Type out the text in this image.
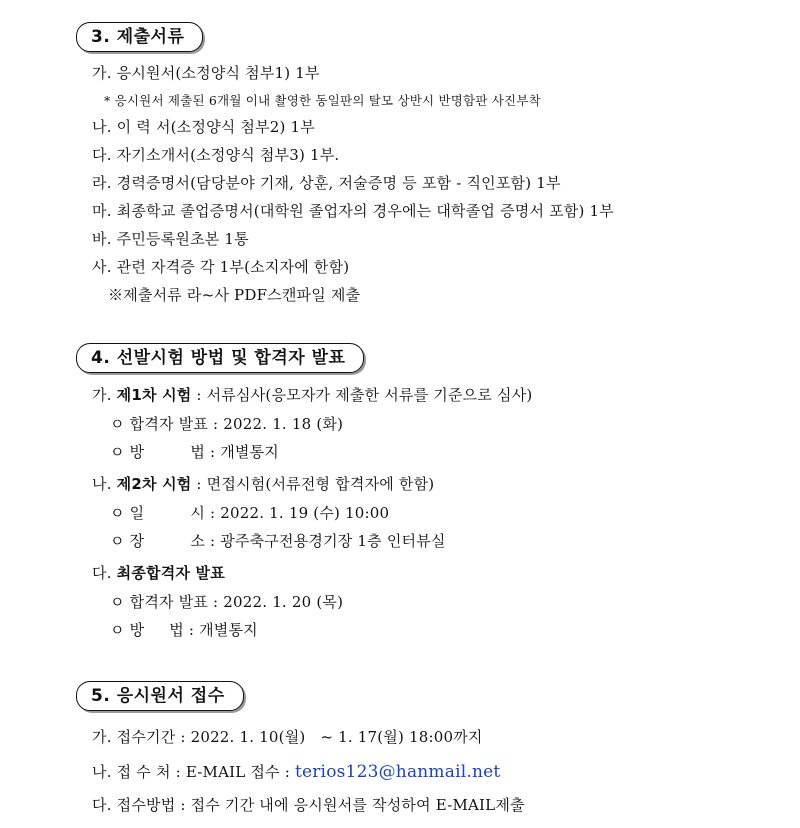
3. 제출서류
가. 응시원서(소정양식 첨부1) 1부
* 응시원서 제출된 6개월 이내 촬영한 동일판의 탈모 상반시 반명함판 사진부착
나. 이 력 서(소정양식 첨부2) 1부
다. 자기소개서(소정양식 첨부3) 1부.
라. 경력증명서(담당분야 기재, 상훈, 저술증명 등 포함 - 직인포함) 1부
마. 최종학교 졸업증명서(대학원 졸업자의 경우에는 대학졸업 증명서 포함) 1부
바. 주민등록원초본 1통
사. 관련 자격증 각 1부(소지자에 한함)
※제출서류 라~사 PDF스캔파일 제출
4. 선발시험 방법 및 합격자 발표
가. 제1차 시험 : 서류심사(응모자가 제출한 서류를 기준으로 심사)
ㅇ 합격자 발표 : 2022. 1. 18 (화)
ㅇ 방	법 : 개별통지
나. 제2차 시험 : 면접시험(서류전형 합격자에 한함)
ㅇ 일	시 : 2022. 1. 19 (수) 10:00
ㅇ 장	소 : 광주축구전용경기장 1층 인터뷰실
다. 최종합격자 발표
ㅇ 합격자 발표 : 2022. 1. 20 (목)
ㅇ 방     법 : 개별통지
5. 응시원서 접수
가. 접수기간 : 2022. 1. 10(월)   ~ 1. 17(월) 18:00까지
나. 접 수 처 : E-MAIL 접수 : terios123@hanmail.net
다. 접수방법 : 접수 기간 내에 응시원서를 작성하여 E-MAIL제출
